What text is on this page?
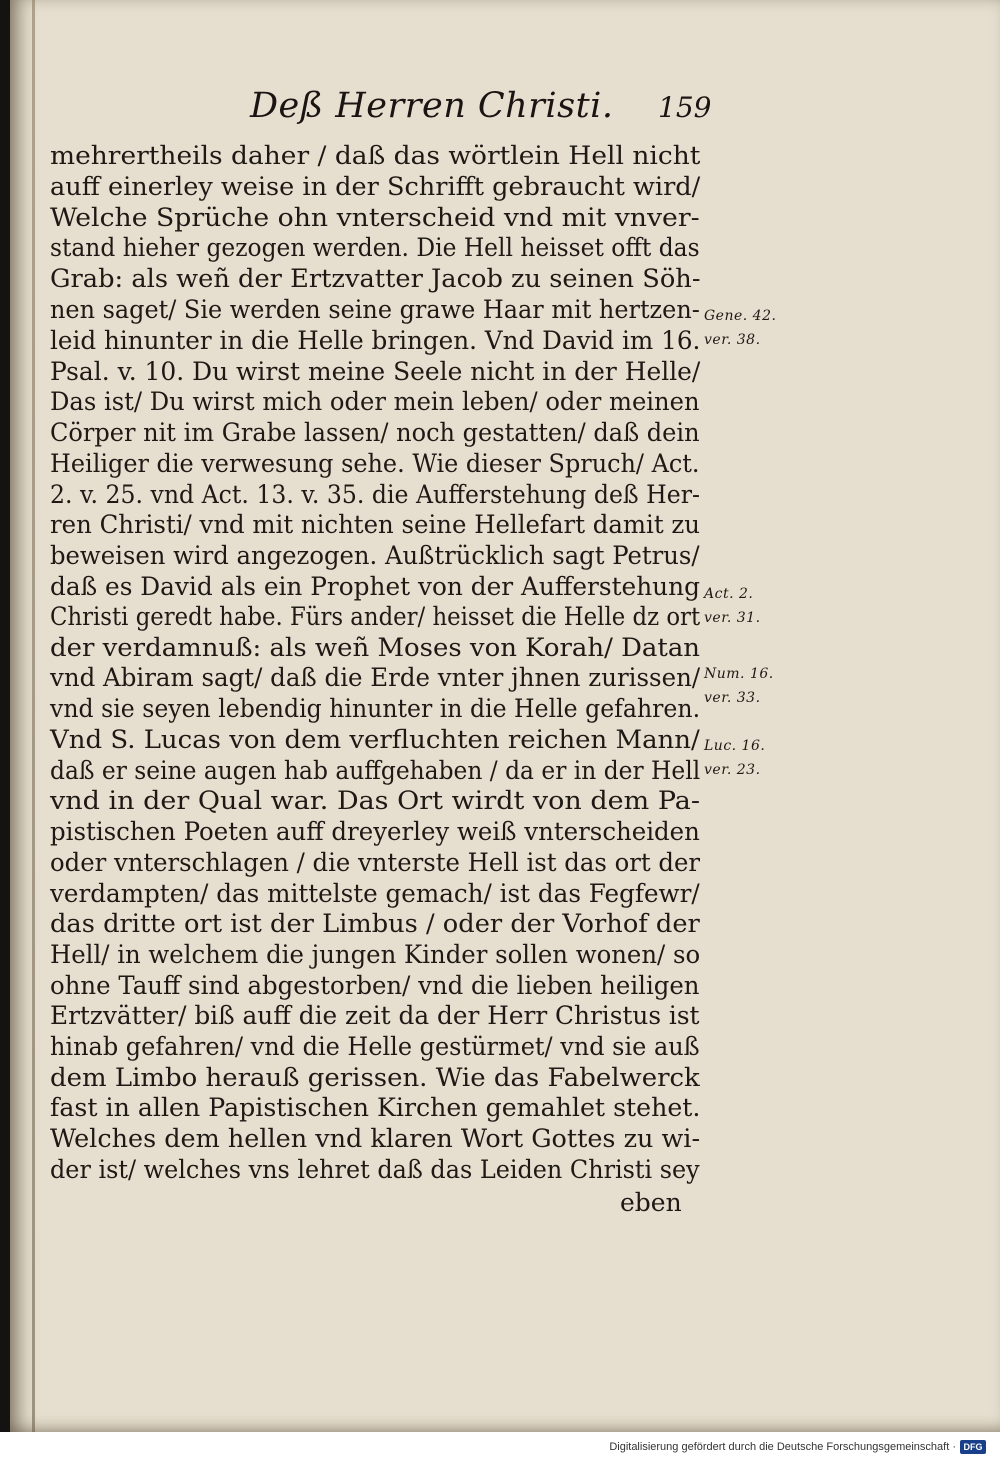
Deß Herren Christi.	159
mehrertheils daher / daß das wörtlein Hell nicht
auff einerley weise in der Schrifft gebraucht wird/
Welche Sprüche ohn vnterscheid vnd mit vnver-
stand hieher gezogen werden. Die Hell heisset offt das
Grab: als weñ der Ertzvatter Jacob zu seinen Söh-
nen saget/ Sie werden seine grawe Haar mit hertzen-
leid hinunter in die Helle bringen. Vnd David im 16.
Psal. v. 10. Du wirst meine Seele nicht in der Helle/
Das ist/ Du wirst mich oder mein leben/ oder meinen
Cörper nit im Grabe lassen/ noch gestatten/ daß dein
Heiliger die verwesung sehe. Wie dieser Spruch/ Act.
2. v. 25. vnd Act. 13. v. 35. die Aufferstehung deß Her-
ren Christi/ vnd mit nichten seine Hellefart damit zu
beweisen wird angezogen. Außtrücklich sagt Petrus/
daß es David als ein Prophet von der Aufferstehung
Christi geredt habe. Fürs ander/ heisset die Helle dz ort
der verdamnuß: als weñ Moses von Korah/ Datan
vnd Abiram sagt/ daß die Erde vnter jhnen zurissen/
vnd sie seyen lebendig hinunter in die Helle gefahren.
Vnd S. Lucas von dem verfluchten reichen Mann/
daß er seine augen hab auffgehaben / da er in der Hell
vnd in der Qual war. Das Ort wirdt von dem Pa-
pistischen Poeten auff dreyerley weiß vnterscheiden
oder vnterschlagen / die vnterste Hell ist das ort der
verdampten/ das mittelste gemach/ ist das Fegfewr/
das dritte ort ist der Limbus / oder der Vorhof der
Hell/ in welchem die jungen Kinder sollen wonen/ so
ohne Tauff sind abgestorben/ vnd die lieben heiligen
Ertzvätter/ biß auff die zeit da der Herr Christus ist
hinab gefahren/ vnd die Helle gestürmet/ vnd sie auß
dem Limbo herauß gerissen. Wie das Fabelwerck
fast in allen Papistischen Kirchen gemahlet stehet.
Welches dem hellen vnd klaren Wort Gottes zu wi-
der ist/ welches vns lehret daß das Leiden Christi sey
eben
Gene. 42.
ver. 38.
Act. 2.
ver. 31.
Num. 16.
ver. 33.
Luc. 16.
ver. 23.
Digitalisierung gefördert durch die Deutsche Forschungsgemeinschaft · DFG
